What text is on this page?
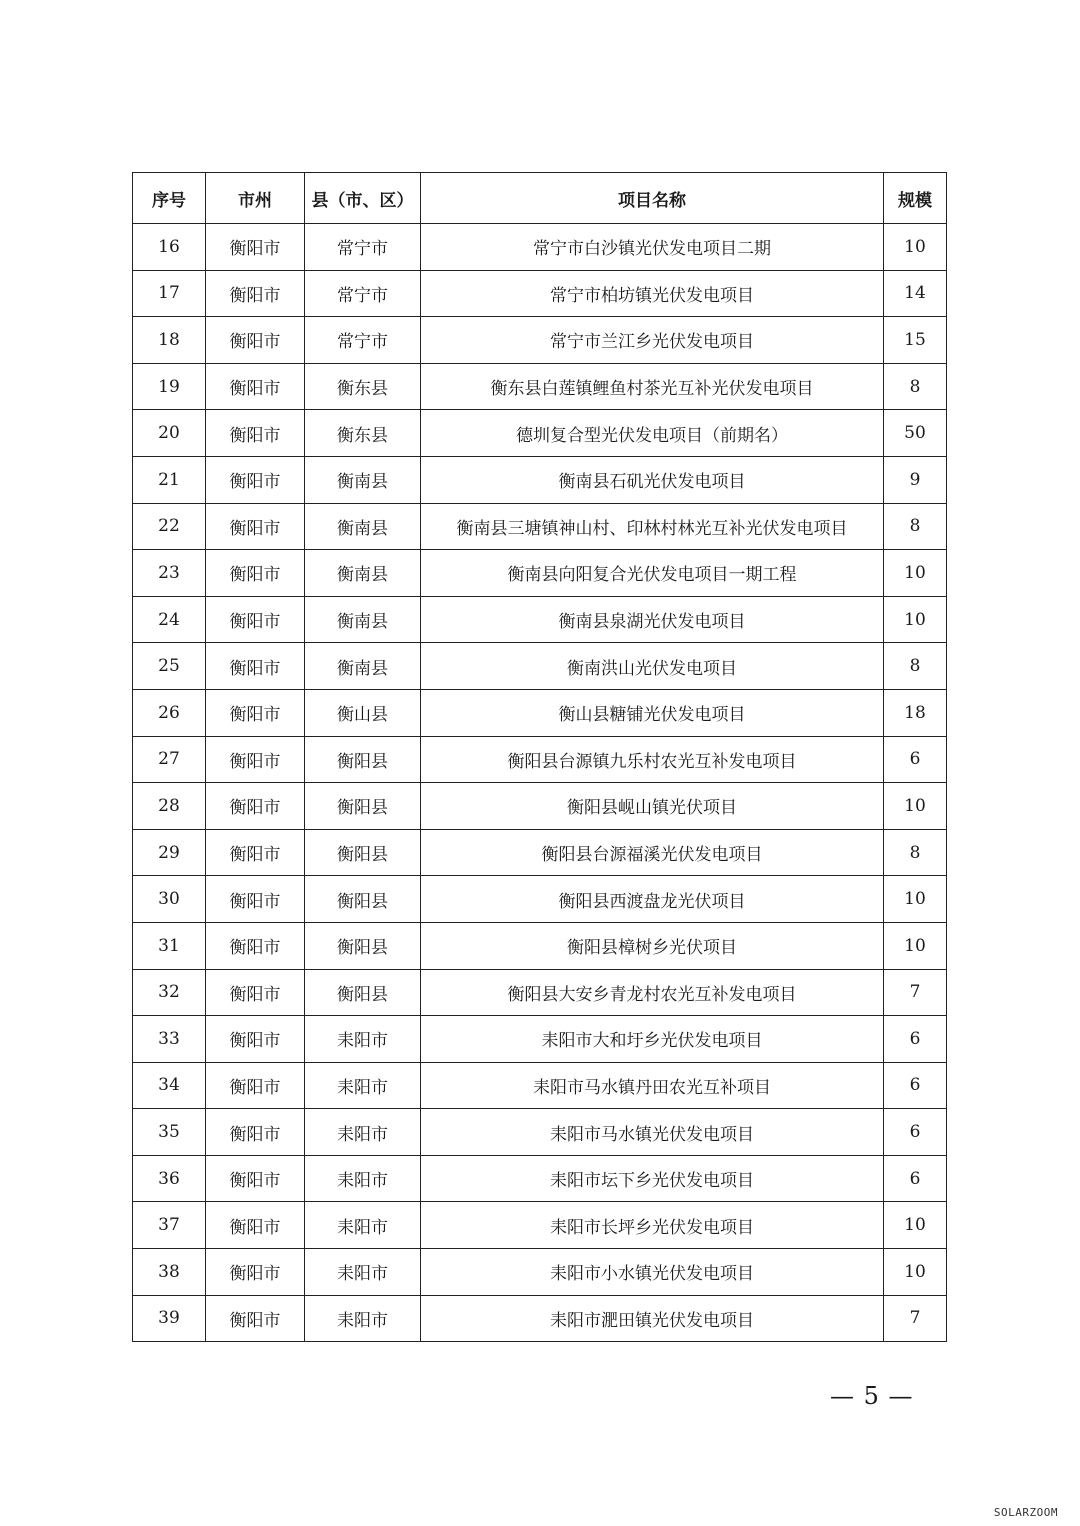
序号	市州	县（市、区）	项目名称	规模
16	衡阳市	常宁市	常宁市白沙镇光伏发电项目二期	10
17	衡阳市	常宁市	常宁市柏坊镇光伏发电项目	14
18	衡阳市	常宁市	常宁市兰江乡光伏发电项目	15
19	衡阳市	衡东县	衡东县白莲镇鲤鱼村茶光互补光伏发电项目	8
20	衡阳市	衡东县	德圳复合型光伏发电项目（前期名）	50
21	衡阳市	衡南县	衡南县石矶光伏发电项目	9
22	衡阳市	衡南县	衡南县三塘镇神山村、印林村林光互补光伏发电项目	8
23	衡阳市	衡南县	衡南县向阳复合光伏发电项目一期工程	10
24	衡阳市	衡南县	衡南县泉湖光伏发电项目	10
25	衡阳市	衡南县	衡南洪山光伏发电项目	8
26	衡阳市	衡山县	衡山县糖铺光伏发电项目	18
27	衡阳市	衡阳县	衡阳县台源镇九乐村农光互补发电项目	6
28	衡阳市	衡阳县	衡阳县岘山镇光伏项目	10
29	衡阳市	衡阳县	衡阳县台源福溪光伏发电项目	8
30	衡阳市	衡阳县	衡阳县西渡盘龙光伏项目	10
31	衡阳市	衡阳县	衡阳县樟树乡光伏项目	10
32	衡阳市	衡阳县	衡阳县大安乡青龙村农光互补发电项目	7
33	衡阳市	耒阳市	耒阳市大和圩乡光伏发电项目	6
34	衡阳市	耒阳市	耒阳市马水镇丹田农光互补项目	6
35	衡阳市	耒阳市	耒阳市马水镇光伏发电项目	6
36	衡阳市	耒阳市	耒阳市坛下乡光伏发电项目	6
37	衡阳市	耒阳市	耒阳市长坪乡光伏发电项目	10
38	衡阳市	耒阳市	耒阳市小水镇光伏发电项目	10
39	衡阳市	耒阳市	耒阳市淝田镇光伏发电项目	7
— 5 —
SOLARZOOM
